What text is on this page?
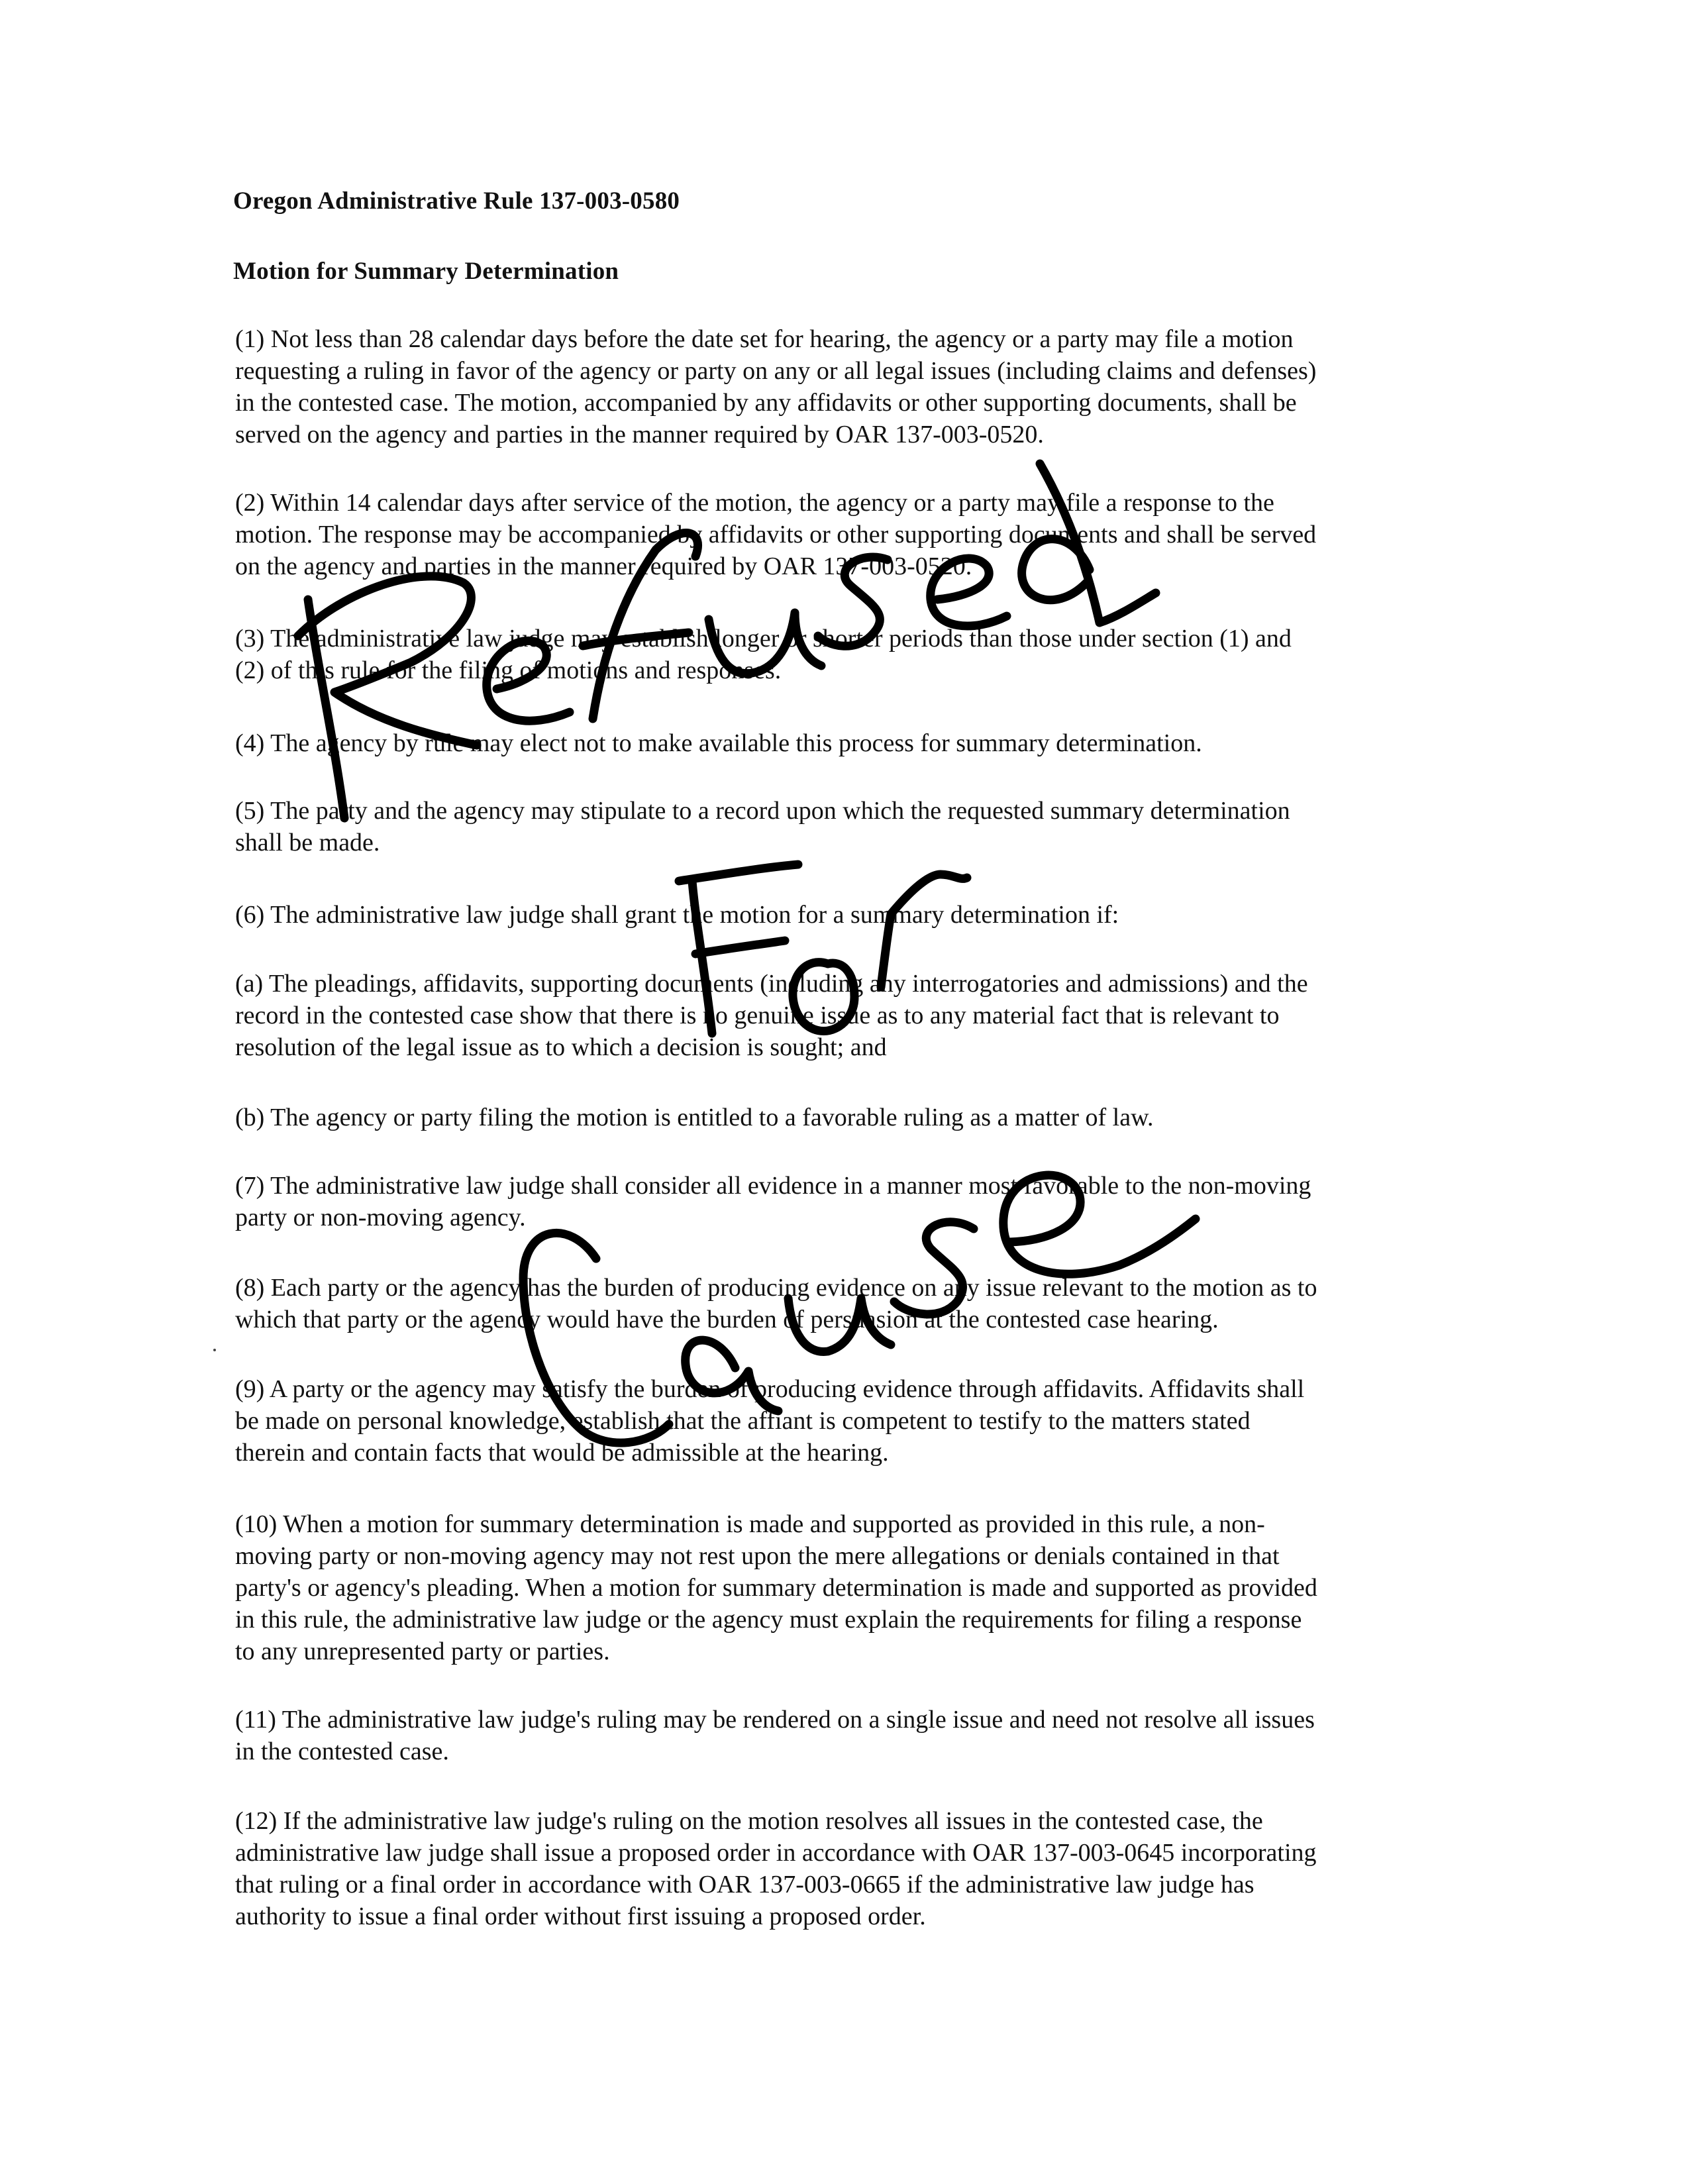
Oregon Administrative Rule 137-003-0580
Motion for Summary Determination
(1) Not less than 28 calendar days before the date set for hearing, the agency or a party may file a motion
requesting a ruling in favor of the agency or party on any or all legal issues (including claims and defenses)
in the contested case. The motion, accompanied by any affidavits or other supporting documents, shall be
served on the agency and parties in the manner required by OAR 137-003-0520.
(2) Within 14 calendar days after service of the motion, the agency or a party may file a response to the
motion. The response may be accompanied by affidavits or other supporting documents and shall be served
on the agency and parties in the manner required by OAR 137-003-0520.
(3) The administrative law judge may establish longer or shorter periods than those under section (1) and
(2) of this rule for the filing of motions and responses.
(4) The agency by rule may elect not to make available this process for summary determination.
(5) The party and the agency may stipulate to a record upon which the requested summary determination
shall be made.
(6) The administrative law judge shall grant the motion for a summary determination if:
(a) The pleadings, affidavits, supporting documents (including any interrogatories and admissions) and the
record in the contested case show that there is no genuine issue as to any material fact that is relevant to
resolution of the legal issue as to which a decision is sought; and
(b) The agency or party filing the motion is entitled to a favorable ruling as a matter of law.
(7) The administrative law judge shall consider all evidence in a manner most favorable to the non-moving
party or non-moving agency.
(8) Each party or the agency has the burden of producing evidence on any issue relevant to the motion as to
which that party or the agency would have the burden of persuasion at the contested case hearing.
(9) A party or the agency may satisfy the burden of producing evidence through affidavits. Affidavits shall
be made on personal knowledge, establish that the affiant is competent to testify to the matters stated
therein and contain facts that would be admissible at the hearing.
(10) When a motion for summary determination is made and supported as provided in this rule, a non-
moving party or non-moving agency may not rest upon the mere allegations or denials contained in that
party's or agency's pleading. When a motion for summary determination is made and supported as provided
in this rule, the administrative law judge or the agency must explain the requirements for filing a response
to any unrepresented party or parties.
(11) The administrative law judge's ruling may be rendered on a single issue and need not resolve all issues
in the contested case.
(12) If the administrative law judge's ruling on the motion resolves all issues in the contested case, the
administrative law judge shall issue a proposed order in accordance with OAR 137-003-0645 incorporating
that ruling or a final order in accordance with OAR 137-003-0665 if the administrative law judge has
authority to issue a final order without first issuing a proposed order.
